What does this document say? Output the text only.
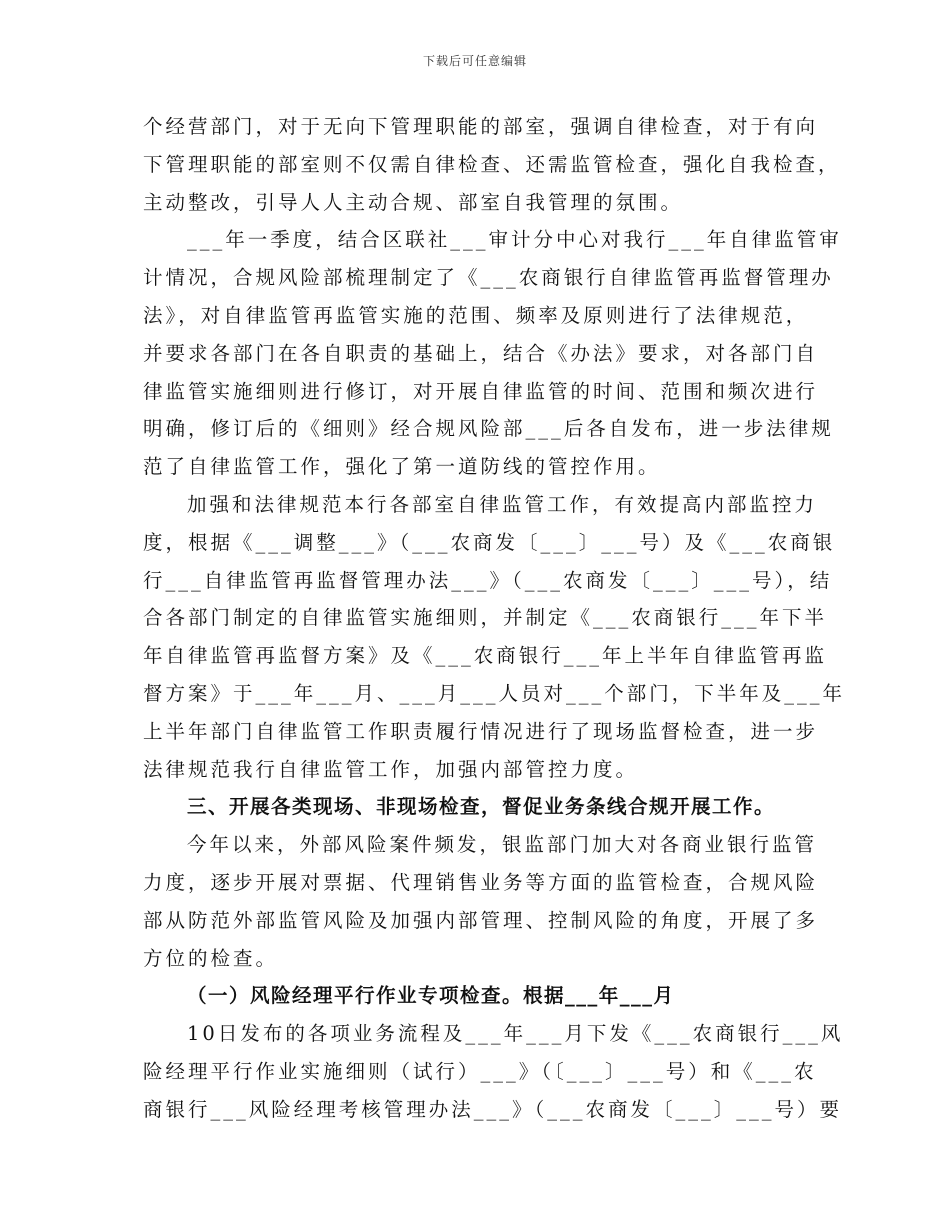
下载后可任意编辑
个经营部门，对于无向下管理职能的部室，强调自律检查，对于有向
下管理职能的部室则不仅需自律检查、还需监管检查，强化自我检查，
主动整改，引导人人主动合规、部室自我管理的氛围。
___年一季度，结合区联社___审计分中心对我行___年自律监管审
计情况，合规风险部梳理制定了《___农商银行自律监管再监督管理办
法》，对自律监管再监管实施的范围、频率及原则进行了法律规范，
并要求各部门在各自职责的基础上，结合《办法》要求，对各部门自
律监管实施细则进行修订，对开展自律监管的时间、范围和频次进行
明确，修订后的《细则》经合规风险部___后各自发布，进一步法律规
范了自律监管工作，强化了第一道防线的管控作用。
加强和法律规范本行各部室自律监管工作，有效提高内部监控力
度，根据《___调整___》（___农商发〔___〕___号）及《___农商银
行___自律监管再监督管理办法___》（___农商发〔___〕___号），结
合各部门制定的自律监管实施细则，并制定《___农商银行___年下半
年自律监管再监督方案》及《___农商银行___年上半年自律监管再监
督方案》于___年___月、___月___人员对___个部门，下半年及___年
上半年部门自律监管工作职责履行情况进行了现场监督检查，进一步
法律规范我行自律监管工作，加强内部管控力度。
三、开展各类现场、非现场检查，督促业务条线合规开展工作。
今年以来，外部风险案件频发，银监部门加大对各商业银行监管
力度，逐步开展对票据、代理销售业务等方面的监管检查，合规风险
部从防范外部监管风险及加强内部管理、控制风险的角度，开展了多
方位的检查。
（一）风险经理平行作业专项检查。根据___年___月
10日发布的各项业务流程及___年___月下发《___农商银行___风
险经理平行作业实施细则（试行）___》（〔___〕___号）和《___农
商银行___风险经理考核管理办法___》（___农商发〔___〕___号）要
